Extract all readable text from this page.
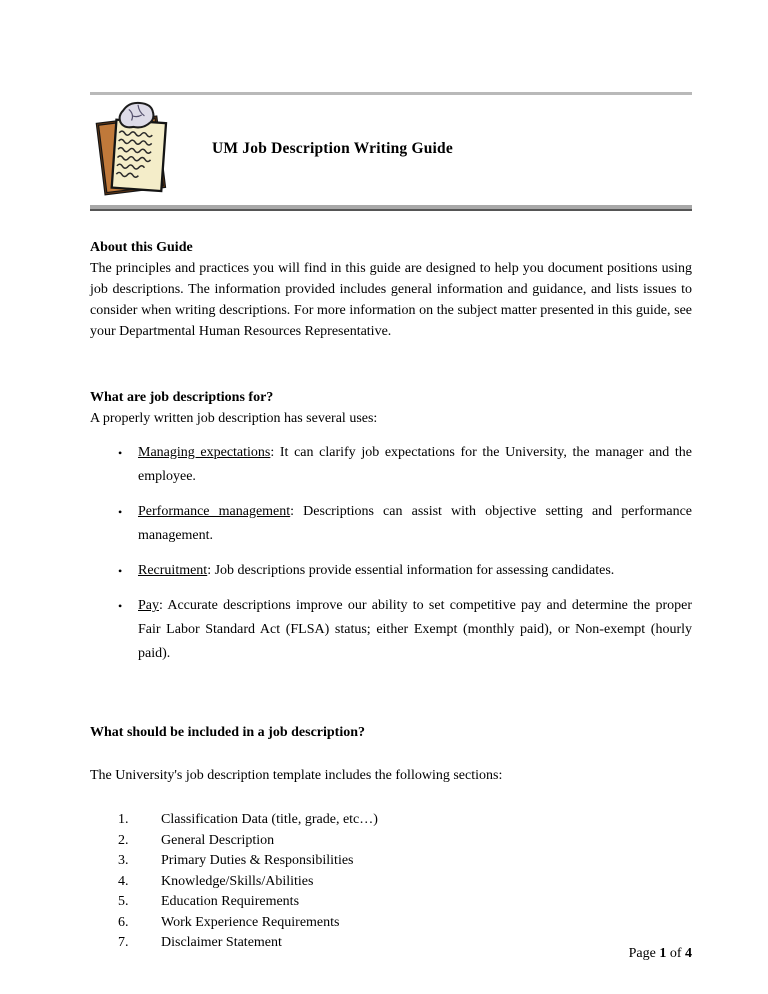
UM Job Description Writing Guide
About this Guide

The principles and practices you will find in this guide are designed to help you document positions using job descriptions. The information provided includes general information and guidance, and lists issues to consider when writing descriptions. For more information on the subject matter presented in this guide, see your Departmental Human Resources Representative.

What are job descriptions for?
A properly written job description has several uses:
•	Managing expectations: It can clarify job expectations for the University, the manager and the employee.
•	Performance management: Descriptions can assist with objective setting and performance management.
•	Recruitment: Job descriptions provide essential information for assessing candidates.
•	Pay: Accurate descriptions improve our ability to set competitive pay and determine the proper Fair Labor Standard Act (FLSA) status; either Exempt (monthly paid), or Non-exempt (hourly paid).
What should be included in a job description?
The University's job description template includes the following sections:
1.	Classification Data (title, grade, etc…)
2.	General Description
3.	Primary Duties & Responsibilities
4.	Knowledge/Skills/Abilities
5.	Education Requirements
6.	Work Experience Requirements
7.	Disclaimer Statement
Page 1 of 4
